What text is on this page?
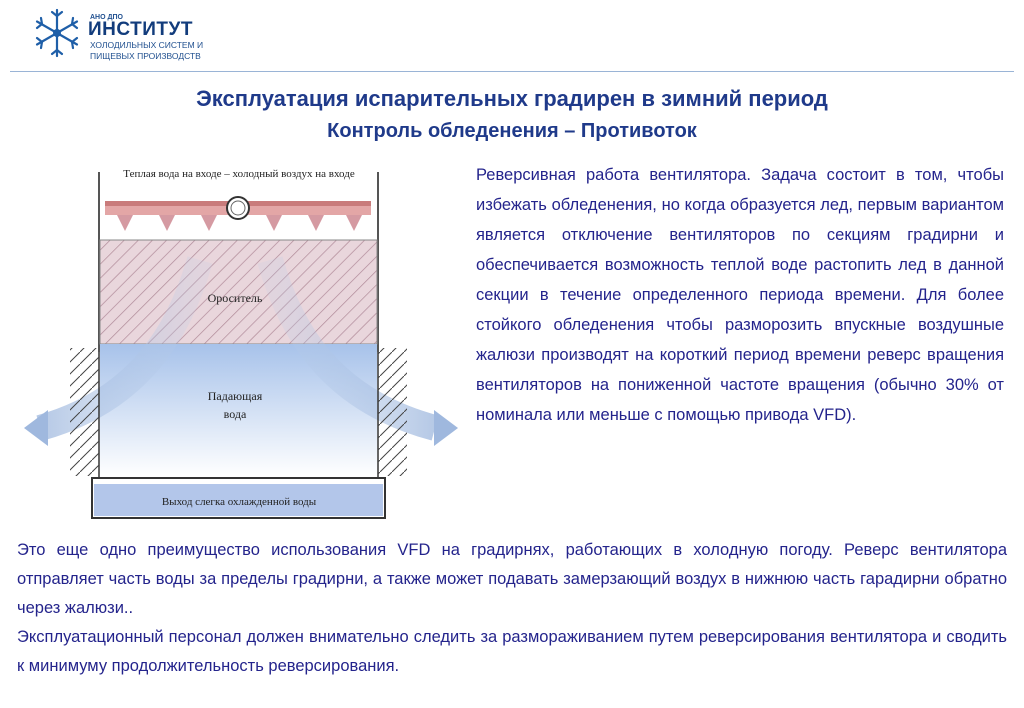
АНО ДПО
ИНСТИТУТ
ХОЛОДИЛЬНЫХ СИСТЕМ И
ПИЩЕВЫХ ПРОИЗВОДСТВ
Эксплуатация испарительных градирен в зимний период
Контроль обледенения – Противоток
Теплая вода на входе – холодный воздух на входе
Ороситель
Падающая
вода
Выход слегка охлажденной воды
Реверсивная работа вентилятора. Задача состоит в том, чтобы избежать обледенения, но когда образуется лед, первым вариантом является отключение вентиляторов по секциям градирни и обеспечивается возможность теплой воде растопить лед в данной секции в течение определенного периода времени. Для более стойкого обледенения чтобы разморозить впускные воздушные жалюзи производят на короткий период времени реверс вращения вентиляторов на пониженной частоте вращения (обычно 30% от номинала или меньше с помощью привода VFD).

Это еще одно преимущество использования VFD на градирнях, работающих в холодную погоду. Реверс вентилятора отправляет часть воды за пределы градирни, а также может подавать замерзающий воздух в нижнюю часть гарадирни обратно через жалюзи..

Эксплуатационный персонал должен внимательно следить за размораживанием путем реверсирования вентилятора и сводить к минимуму продолжительность реверсирования.
